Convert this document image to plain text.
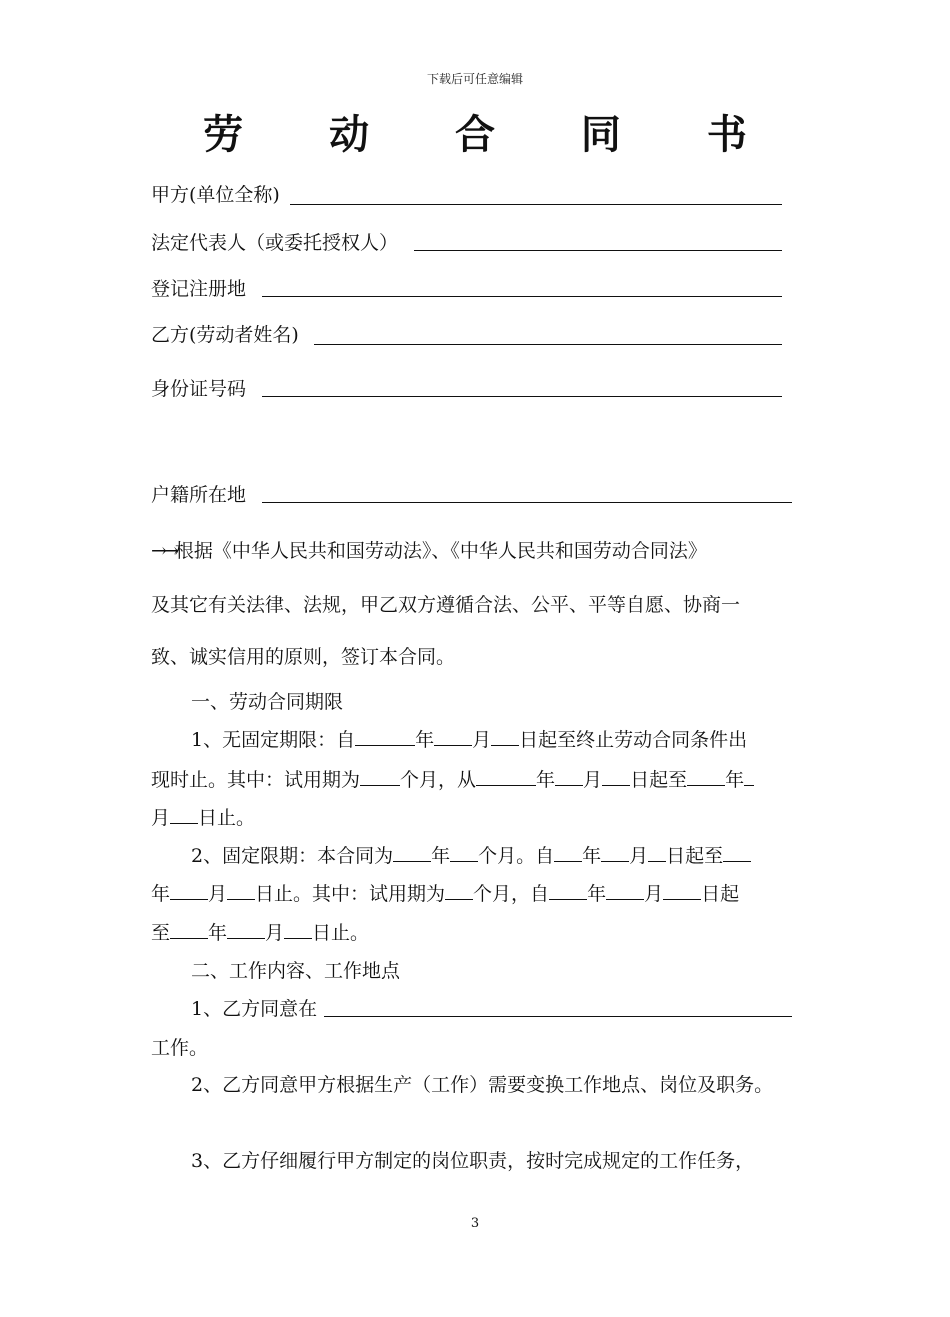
下载后可任意编辑
劳 动 合 同 书
甲方(单位全称)
法定代表人（或委托授权人）
登记注册地
乙方(劳动者姓名)
身份证号码
户籍所在地
→→根据《中华人民共和国劳动法》、《中华人民共和国劳动合同法》
及其它有关法律、法规，甲乙双方遵循合法、公平、平等自愿、协商一
致、诚实信用的原则，签订本合同。
一、劳动合同期限
1、无固定期限：自	年 月 日起至终止劳动合同条件出
现时止。其中：试用期为 个月，从	年 月 日起至 年
月 日止。
2、固定限期：本合同为 年 个月。自 年 月 日起至
年 月 日止。其中：试用期为 个月，自 年 月 日起
至 年 月 日止。
二、工作内容、工作地点
1、乙方同意在
工作。
2、乙方同意甲方根据生产（工作）需要变换工作地点、岗位及职务。
3、乙方仔细履行甲方制定的岗位职责，按时完成规定的工作任务，
3
